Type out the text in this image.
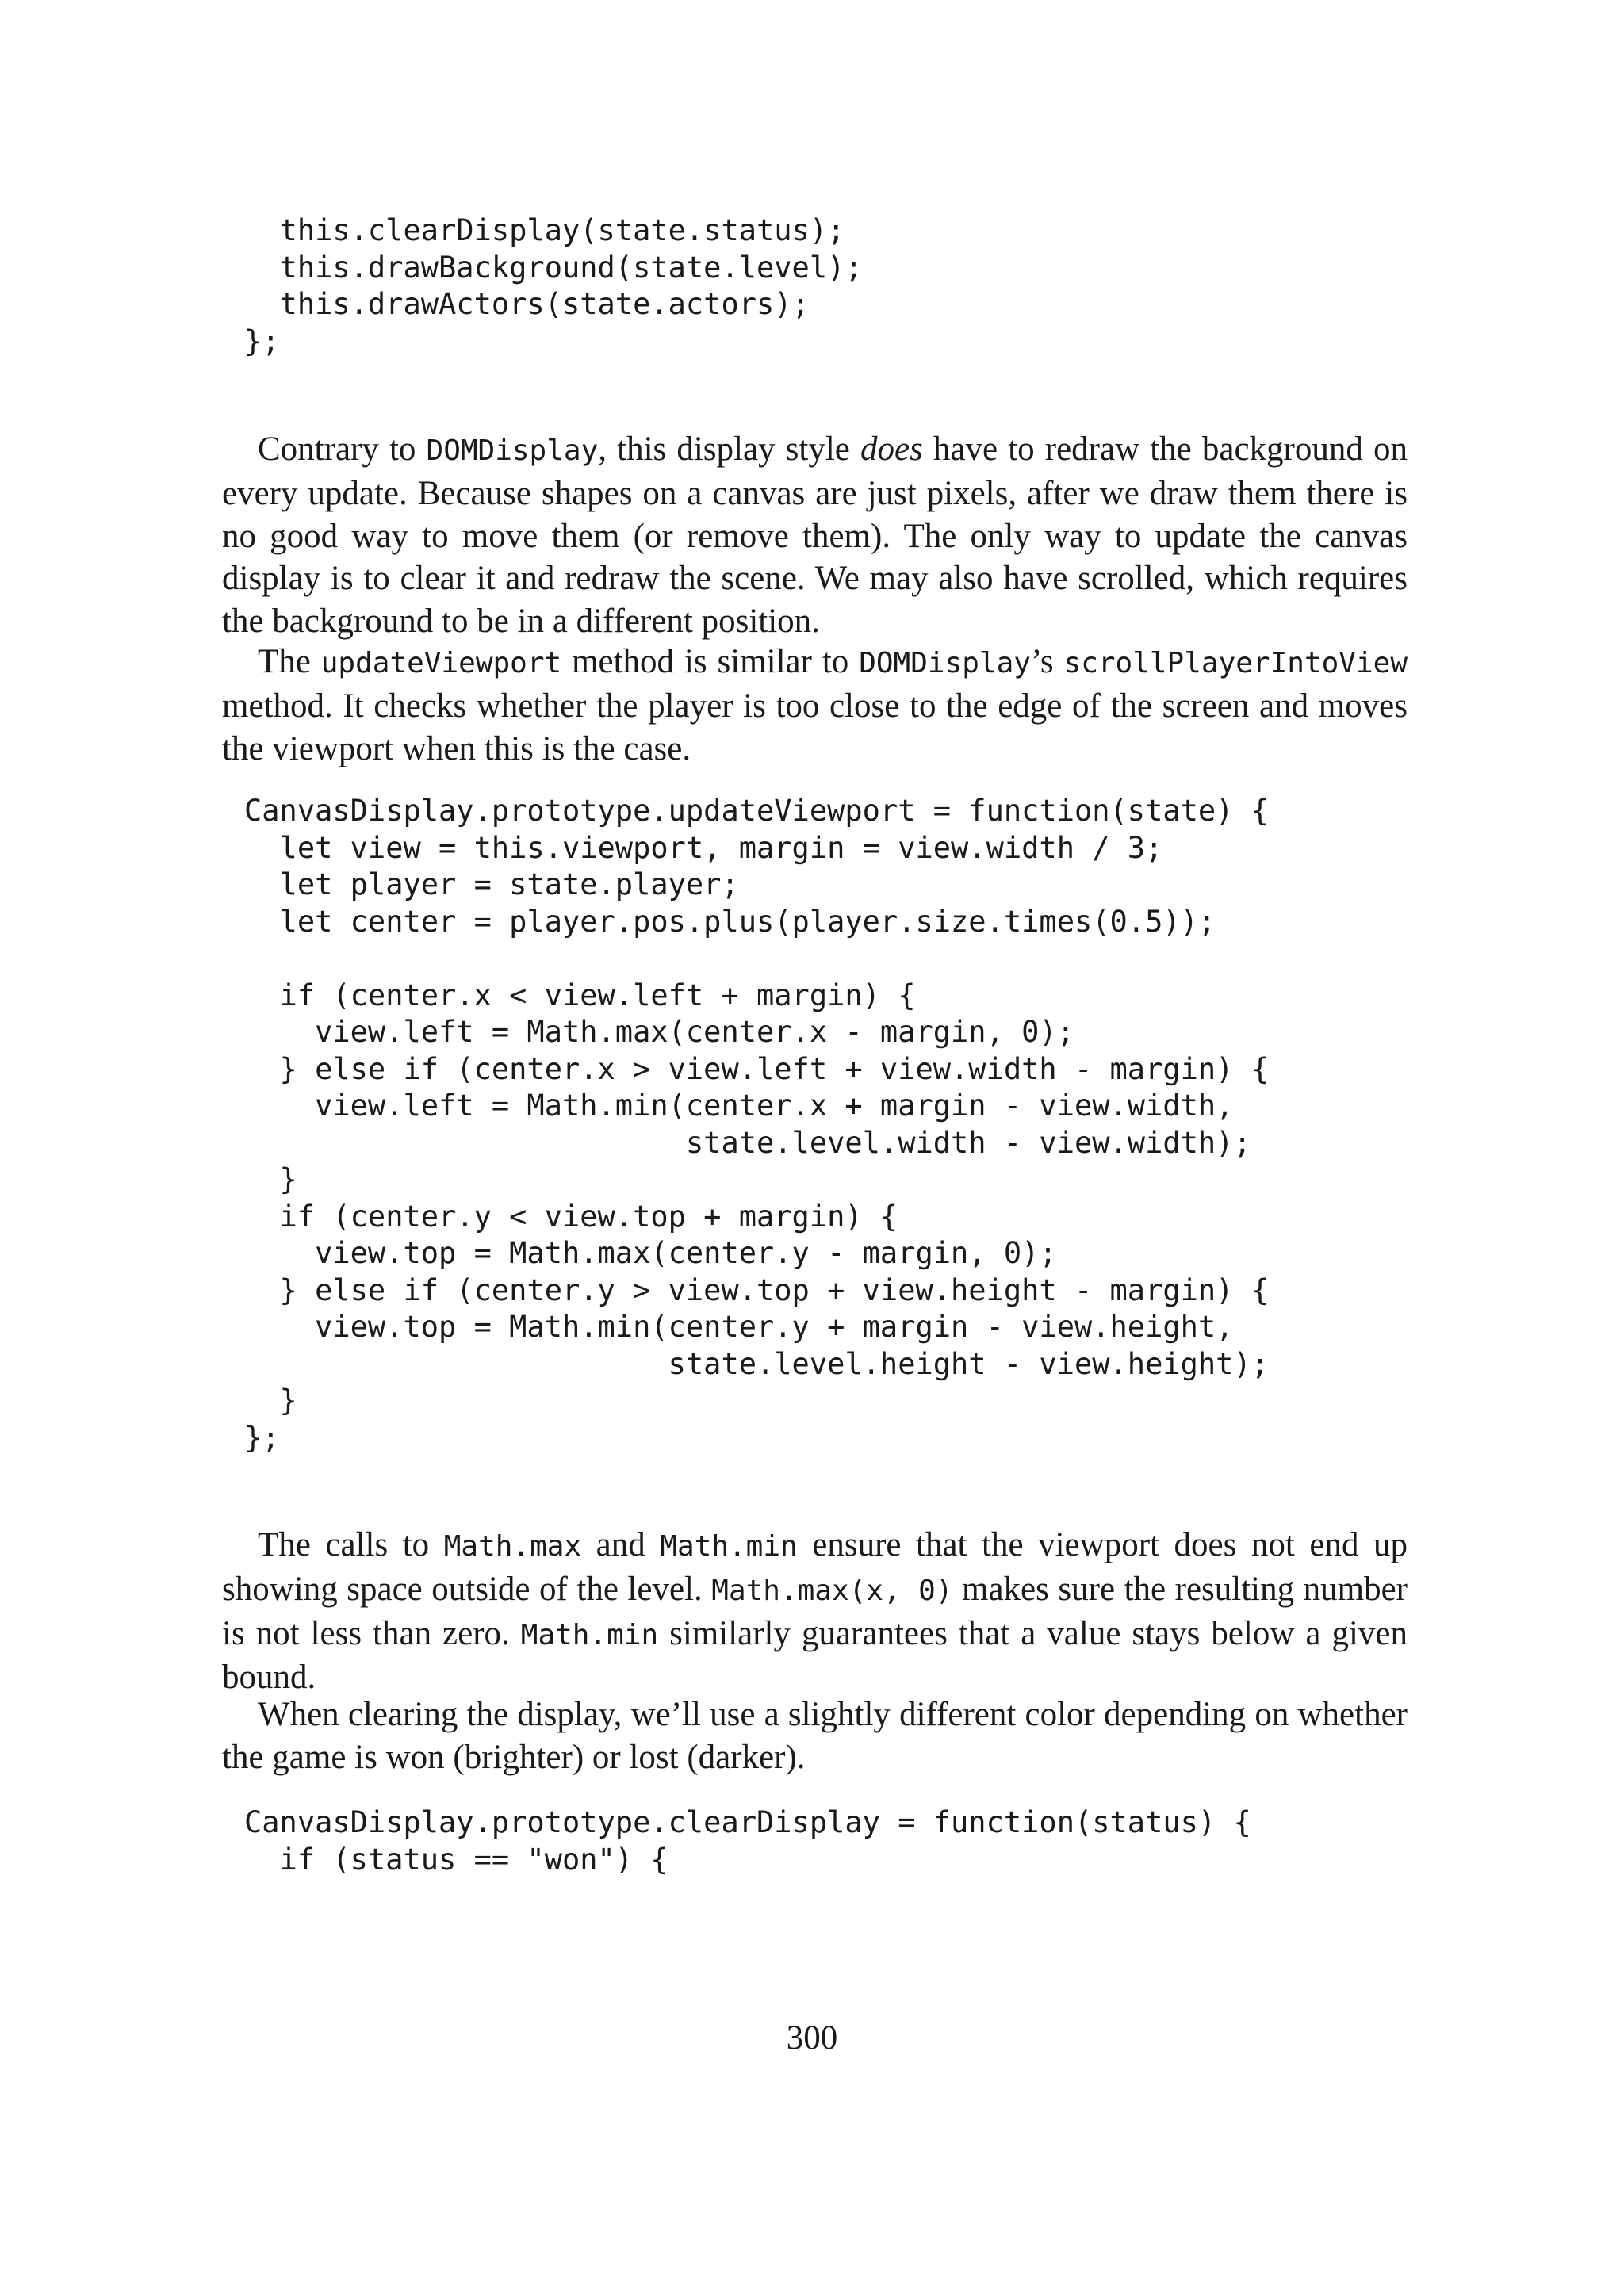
this.clearDisplay(state.status);
this.drawBackground(state.level);
this.drawActors(state.actors);
};

Contrary to DOMDisplay, this display style does have to redraw the background on every update. Because shapes on a canvas are just pixels, after we draw them there is no good way to move them (or remove them). The only way to update the canvas display is to clear it and redraw the scene. We may also have scrolled, which requires the background to be in a different position.

The updateViewport method is similar to DOMDisplay’s scrollPlayerIntoView method. It checks whether the player is too close to the edge of the screen and moves the viewport when this is the case.

CanvasDisplay.prototype.updateViewport = function(state) {
let view = this.viewport, margin = view.width / 3;
let player = state.player;
let center = player.pos.plus(player.size.times(0.5));

if (center.x < view.left + margin) {
view.left = Math.max(center.x - margin, 0);
} else if (center.x > view.left + view.width - margin) {
view.left = Math.min(center.x + margin - view.width,
state.level.width - view.width);
}
if (center.y < view.top + margin) {
view.top = Math.max(center.y - margin, 0);
} else if (center.y > view.top + view.height - margin) {
view.top = Math.min(center.y + margin - view.height,
state.level.height - view.height);
}
};

The calls to Math.max and Math.min ensure that the viewport does not end up showing space outside of the level. Math.max(x, 0) makes sure the resulting number is not less than zero. Math.min similarly guarantees that a value stays below a given bound.

When clearing the display, we’ll use a slightly different color depending on whether the game is won (brighter) or lost (darker).

CanvasDisplay.prototype.clearDisplay = function(status) {
if (status == "won") {
300
